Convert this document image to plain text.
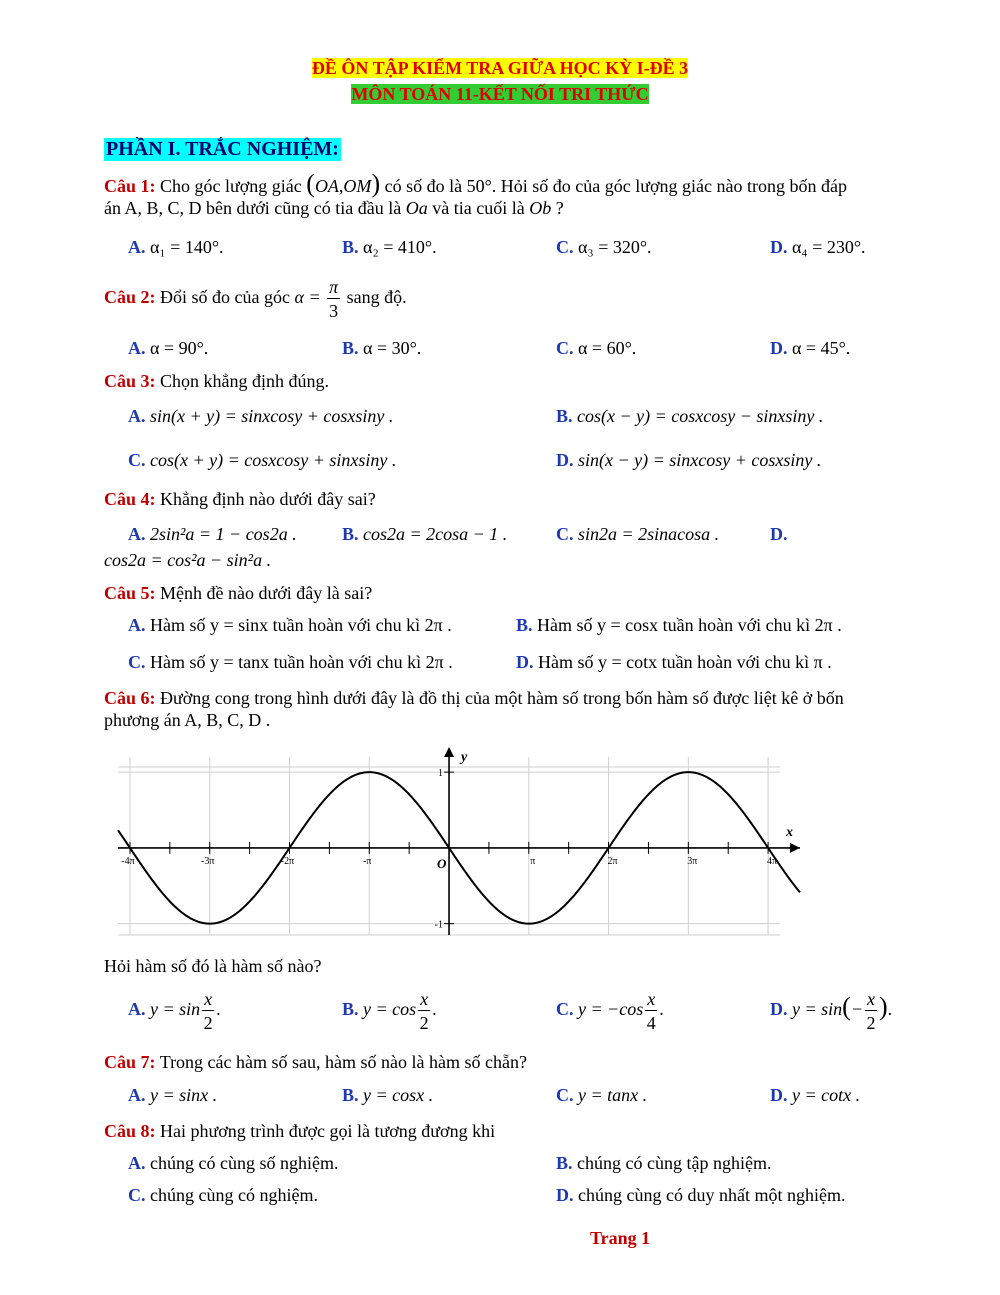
ĐỀ ÔN TẬP KIỂM TRA GIỮA HỌC KỲ I-ĐỀ 3
MÔN TOÁN 11-KẾT NỐI TRI THỨC
PHẦN I. TRẮC NGHIỆM:
Câu 1: Cho góc lượng giác (OA,OM) có số đo là 50°. Hỏi số đo của góc lượng giác nào trong bốn đáp
án A, B, C, D bên dưới cũng có tia đầu là Oa và tia cuối là Ob ?
A. α₁ = 140°.	B. α₂ = 410°.	C. α₃ = 320°.	D. α₄ = 230°.
Câu 2: Đổi số đo của góc $\alpha = \frac{\pi}{3}$ sang độ.
A. α = 90°.	B. α = 30°.	C. α = 60°.	D. α = 45°.
Câu 3: Chọn khẳng định đúng.
A. sin(x + y) = sinxcosy + cosxsiny .	B. cos(x − y) = cosxcosy − sinxsiny .
C. cos(x + y) = cosxcosy + sinxsiny .	D. sin(x − y) = sinxcosy + cosxsiny .
Câu 4: Khẳng định nào dưới đây sai?
A. 2sin²a = 1 − cos2a .	B. cos2a = 2cosa − 1 .	C. sin2a = 2sinacosa .	D.
cos2a = cos²a − sin²a .
Câu 5: Mệnh đề nào dưới đây là sai?
A. Hàm số y = sinx tuần hoàn với chu kì 2π .	B. Hàm số y = cosx tuần hoàn với chu kì 2π .
C. Hàm số y = tanx tuần hoàn với chu kì 2π .	D. Hàm số y = cotx tuần hoàn với chu kì π .
Câu 6: Đường cong trong hình dưới đây là đồ thị của một hàm số trong bốn hàm số được liệt kê ở bốn
phương án A, B, C, D .
1
-1
-4π	-3π	-2π	-π	π	2π	3π	4π
O
x
y
Hỏi hàm số đó là hàm số nào?
A. $y = \sin \frac{x}{2}$ .	B. $y = \cos \frac{x}{2}$ .	C. $y = -\cos \frac{x}{4}$ .	D. $y = \sin(- \frac{x}{2}$ ).
Câu 7: Trong các hàm số sau, hàm số nào là hàm số chẵn?
A. y = sinx .	B. y = cosx .	C. y = tanx .	D. y = cotx .
Câu 8: Hai phương trình được gọi là tương đương khi
A. chúng có cùng số nghiệm.	B. chúng có cùng tập nghiệm.
C. chúng cùng có nghiệm.	D. chúng cùng có duy nhất một nghiệm.
Trang 1
